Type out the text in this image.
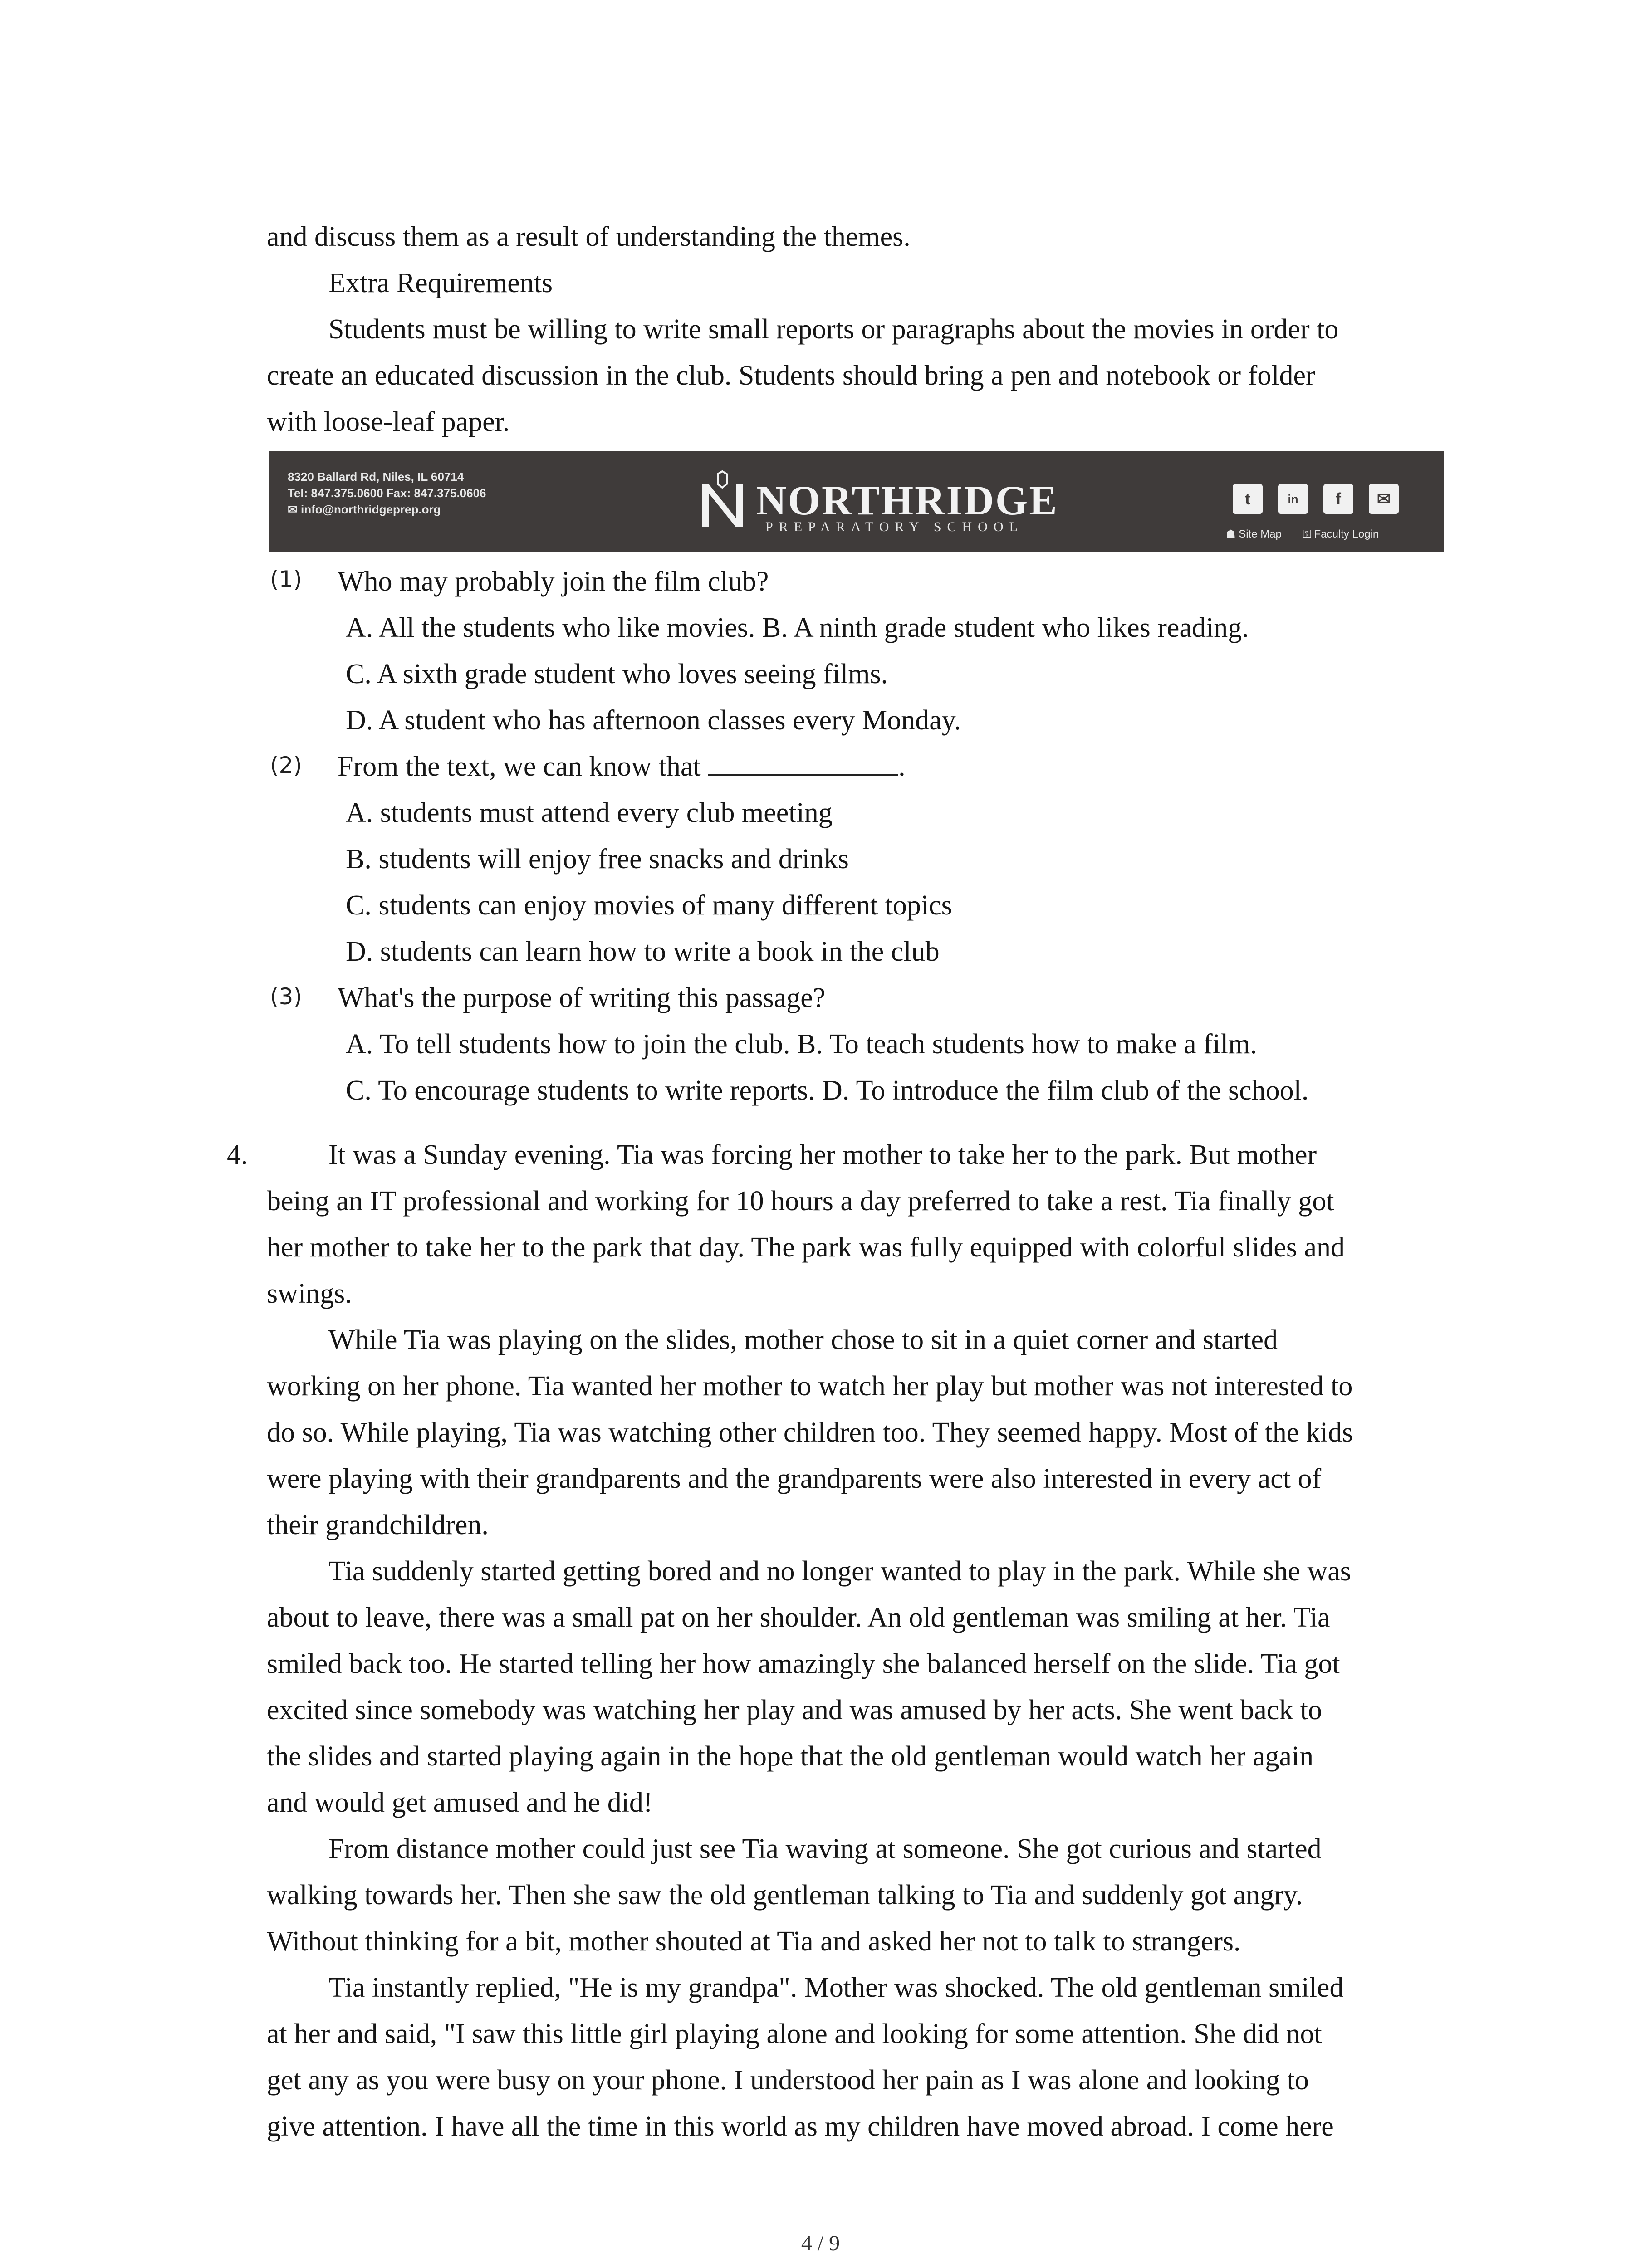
and discuss them as a result of understanding the themes.
Extra Requirements
Students must be willing to write small reports or paragraphs about the movies in order to
create an educated discussion in the club. Students should bring a pen and notebook or folder
with loose-leaf paper.
8320 Ballard Rd, Niles, IL 60714
Tel: 847.375.0600 Fax: 847.375.0606
✉ info@northridgeprep.org	NORTHRIDGE
PREPARATORY SCHOOL
t	in	f	✉
☗ Site Map ⚿ Faculty Login
(1) Who may probably join the film club?
A. All the students who like movies. B. A ninth grade student who likes reading.
C. A sixth grade student who loves seeing films.
D. A student who has afternoon classes every Monday.
(2) From the text, we can know that	.
A. students must attend every club meeting
B. students will enjoy free snacks and drinks
C. students can enjoy movies of many different topics
D. students can learn how to write a book in the club
(3) What's the purpose of writing this passage?
A. To tell students how to join the club. B. To teach students how to make a film.
C. To encourage students to write reports. D. To introduce the film club of the school.
4.	It was a Sunday evening. Tia was forcing her mother to take her to the park. But mother
being an IT professional and working for 10 hours a day preferred to take a rest. Tia finally got
her mother to take her to the park that day. The park was fully equipped with colorful slides and
swings.
While Tia was playing on the slides, mother chose to sit in a quiet corner and started
working on her phone. Tia wanted her mother to watch her play but mother was not interested to
do so. While playing, Tia was watching other children too. They seemed happy. Most of the kids
were playing with their grandparents and the grandparents were also interested in every act of
their grandchildren.
Tia suddenly started getting bored and no longer wanted to play in the park. While she was
about to leave, there was a small pat on her shoulder. An old gentleman was smiling at her. Tia
smiled back too. He started telling her how amazingly she balanced herself on the slide. Tia got
excited since somebody was watching her play and was amused by her acts. She went back to
the slides and started playing again in the hope that the old gentleman would watch her again
and would get amused and he did!
From distance mother could just see Tia waving at someone. She got curious and started
walking towards her. Then she saw the old gentleman talking to Tia and suddenly got angry.
Without thinking for a bit, mother shouted at Tia and asked her not to talk to strangers.
Tia instantly replied, "He is my grandpa". Mother was shocked. The old gentleman smiled
at her and said, "I saw this little girl playing alone and looking for some attention. She did not
get any as you were busy on your phone. I understood her pain as I was alone and looking to
give attention. I have all the time in this world as my children have moved abroad. I come here
4 / 9
